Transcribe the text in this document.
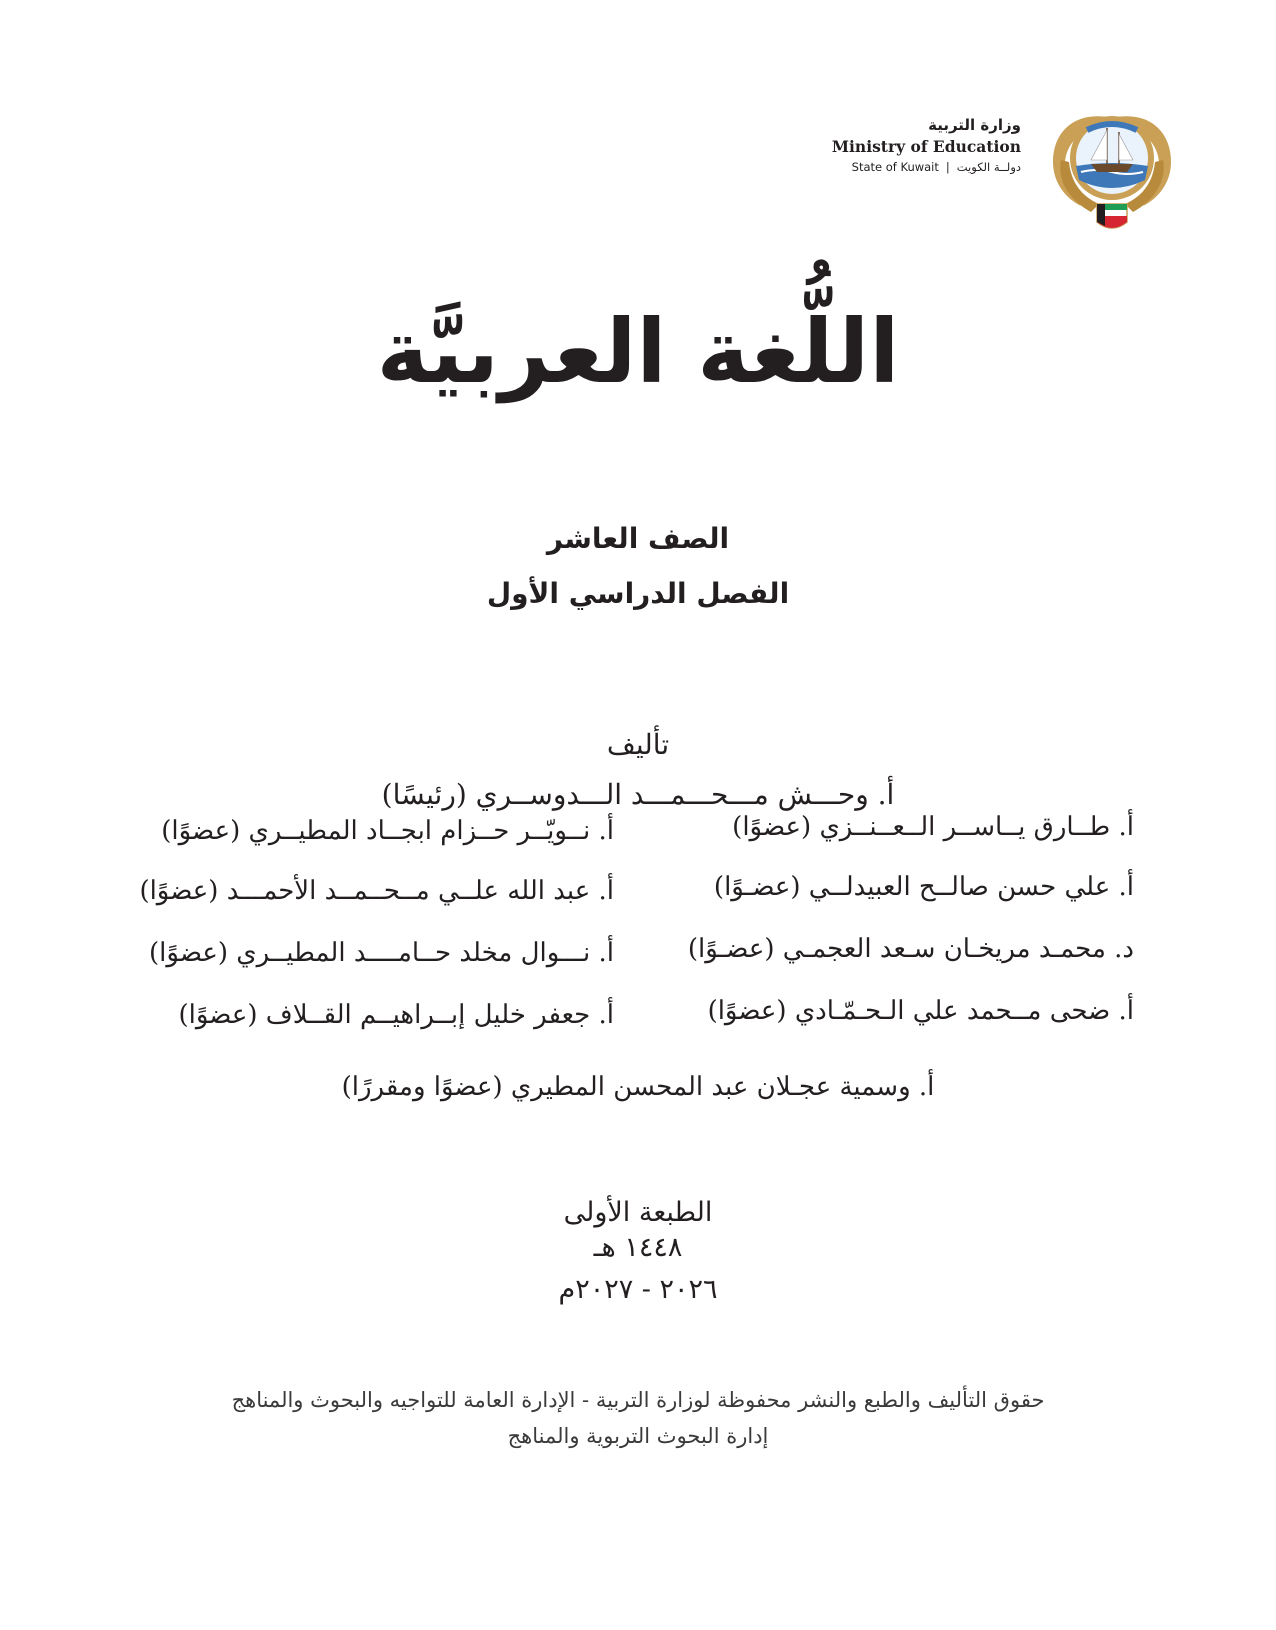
وزارة التربية
Ministry of Education
State of Kuwait | دولــة الكويت
اللُّغة العربيَّة
الصف العاشر
الفصل الدراسي الأول
تأليف
أ. وحـــش مـــحـــمـــد الـــدوســري (رئيسًا)
أ. طــارق يــاســر الــعــنــزي (عضوًا)
أ. علي حسن صالــح العبيدلــي (عضـوًا)
د. محمـد مريخـان سـعد العجمـي (عضـوًا)
أ. ضحى مــحمد علي الـحـمّـادي (عضوًا)
أ. نــويّــر حــزام ابجــاد المطيــري (عضوًا)
أ. عبد الله علــي مــحــمــد الأحمـــد (عضوًا)
أ. نـــوال مخلد حــامــــد المطيــري (عضوًا)
أ. جعفر خليل إبــراهيــم القــلاف (عضوًا)
أ. وسمية عجـلان عبد المحسن المطيري (عضوًا ومقررًا)
الطبعة الأولى
١٤٤٨ هـ
٢٠٢٦ - ٢٠٢٧م
حقوق التأليف والطبع والنشر محفوظة لوزارة التربية - الإدارة العامة للتواجيه والبحوث والمناهج
إدارة البحوث التربوية والمناهج
